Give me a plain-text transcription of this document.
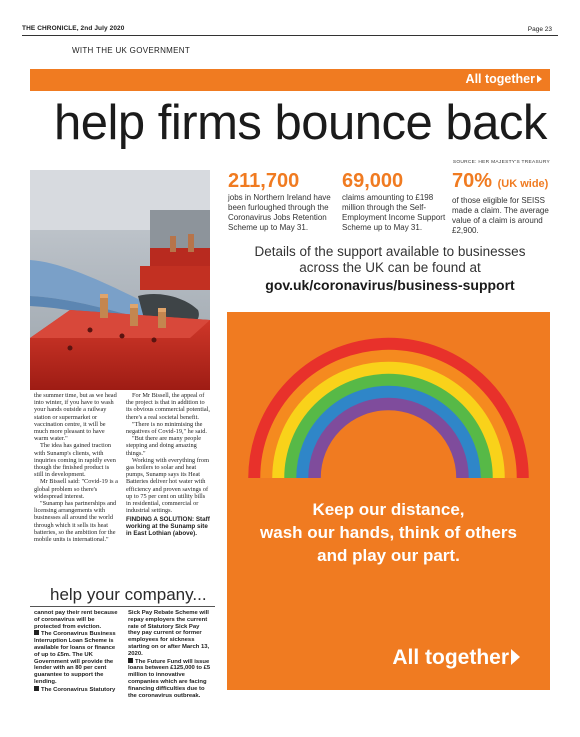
THE CHRONICLE, 2nd July 2020	Page 23
WITH THE UK GOVERNMENT
All together
help firms bounce back
SOURCE: HER MAJESTY'S TREASURY
211,700
jobs in Northern Ireland have
been furloughed through the
Coronavirus Jobs Retention
Scheme up to May 31.
69,000
claims amounting to £198
million through the Self-
Employment Income Support
Scheme up to May 31.
70% (UK wide)
of those eligible for SEISS
made a claim. The average
value of a claim is around
£2,900.
Details of the support available to businesses
across the UK can be found at
gov.uk/coronavirus/business-support

the summer time, but as we head into winter, if you have to wash your hands outside a railway station or supermarket or vaccination centre, it will be much more pleasant to have warm water."

The idea has gained traction with Sunamp's clients, with inquiries coming in rapidly even though the finished product is still in development.

Mr Bissell said: "Covid-19 is a global problem so there's widespread interest.

"Sunamp has partnerships and licensing arrangements with businesses all around the world through which it sells its heat batteries, so the ambition for the mobile units is international."

For Mr Bissell, the appeal of the project is that in addition to its obvious commercial potential, there's a real societal benefit.

"There is no minimising the negatives of Covid-19," he said.

"But there are many people stepping and doing amazing things."

Working with everything from gas boilers to solar and heat pumps, Sunamp says its Heat Batteries deliver hot water with efficiency and proven savings of up to 75 per cent on utility bills in residential, commercial or industrial settings.

FINDING A SOLUTION: Staff working at the Sunamp site in East Lothian (above).
Keep our distance,
wash our hands, think of others
and play our part.
All together
help your company...
cannot pay their rent because of coronavirus will be protected from eviction.
The Coronavirus Business Interruption Loan Scheme is available for loans or finance of up to £5m. The UK Government will provide the lender with an 80 per cent guarantee to support the lending.
The Coronavirus Statutory
Sick Pay Rebate Scheme will repay employers the current rate of Statutory Sick Pay they pay current or former employees for sickness starting on or after March 13, 2020.
The Future Fund will issue loans between £125,000 to £5 million to innovative companies which are facing financing difficulties due to the coronavirus outbreak.
